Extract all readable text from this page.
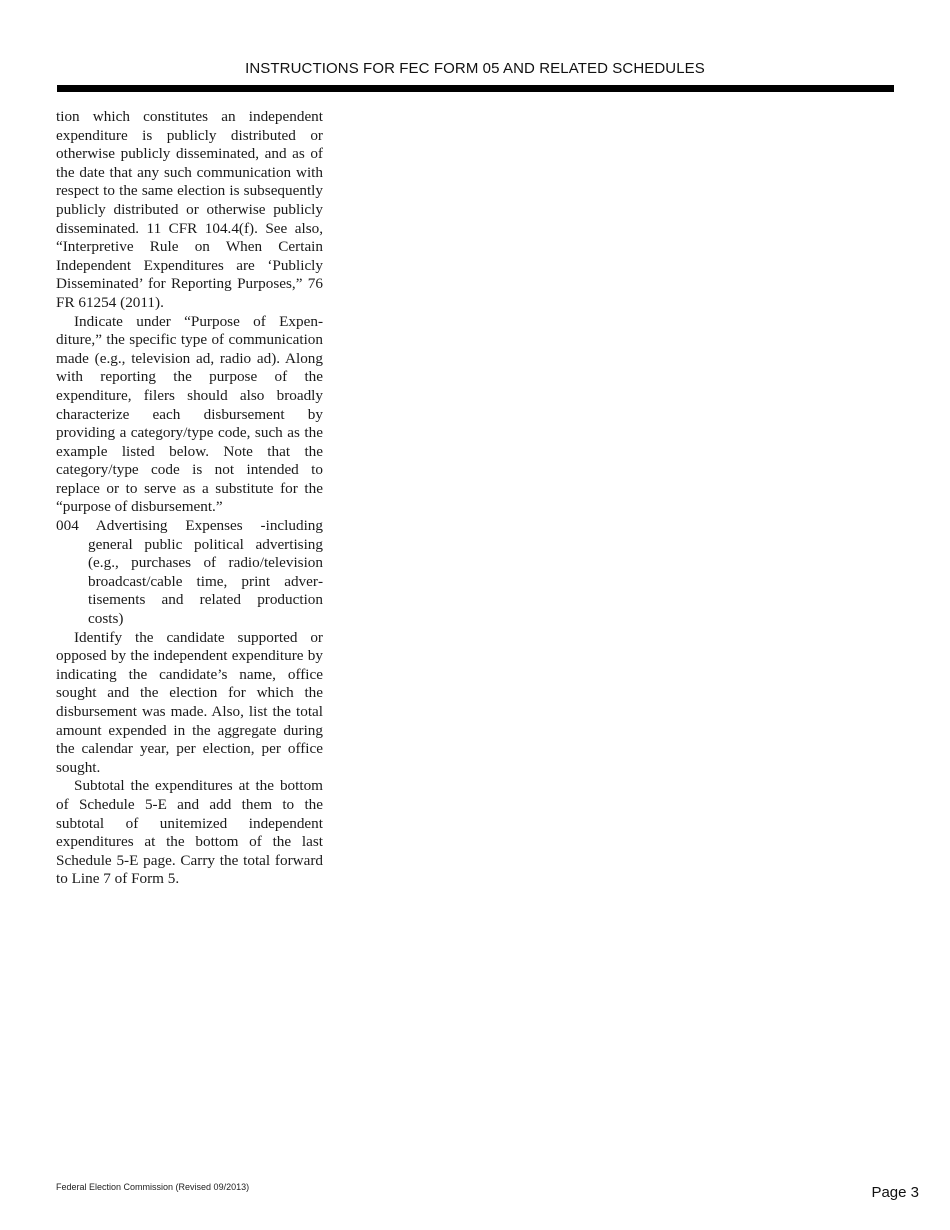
INSTRUCTIONS FOR FEC FORM 05 AND RELATED SCHEDULES

tion which constitutes an independent expenditure is publicly distributed or otherwise publicly disseminated, and as of the date that any such communication with respect to the same election is subsequently publicly distributed or otherwise publicly disseminated. 11 CFR 104.4(f). See also, “Interpretive Rule on When Certain Independent Expenditures are ‘Publicly Disseminated’ for Reporting Purposes,” 76 FR 61254 (2011).

Indicate under “Purpose of Expenditure,” the specific type of communication made (e.g., television ad, radio ad). Along with reporting the purpose of the expenditure, filers should also broadly characterize each disbursement by providing a category/type code, such as the example listed below. Note that the category/type code is not intended to replace or to serve as a substitute for the “purpose of disbursement.”

004 Advertising Expenses -including general public political advertising (e.g., purchases of radio/television broadcast/cable time, print advertisements and related production costs)

Identify the candidate supported or opposed by the independent expenditure by indicating the candidate’s name, office sought and the election for which the disbursement was made. Also, list the total amount expended in the aggregate during the calendar year, per election, per office sought.

Subtotal the expenditures at the bottom of Schedule 5-E and add them to the subtotal of unitemized independent expenditures at the bottom of the last Schedule 5-E page. Carry the total forward to Line 7 of Form 5.

Federal Election Commission (Revised 09/2013)	Page 3
